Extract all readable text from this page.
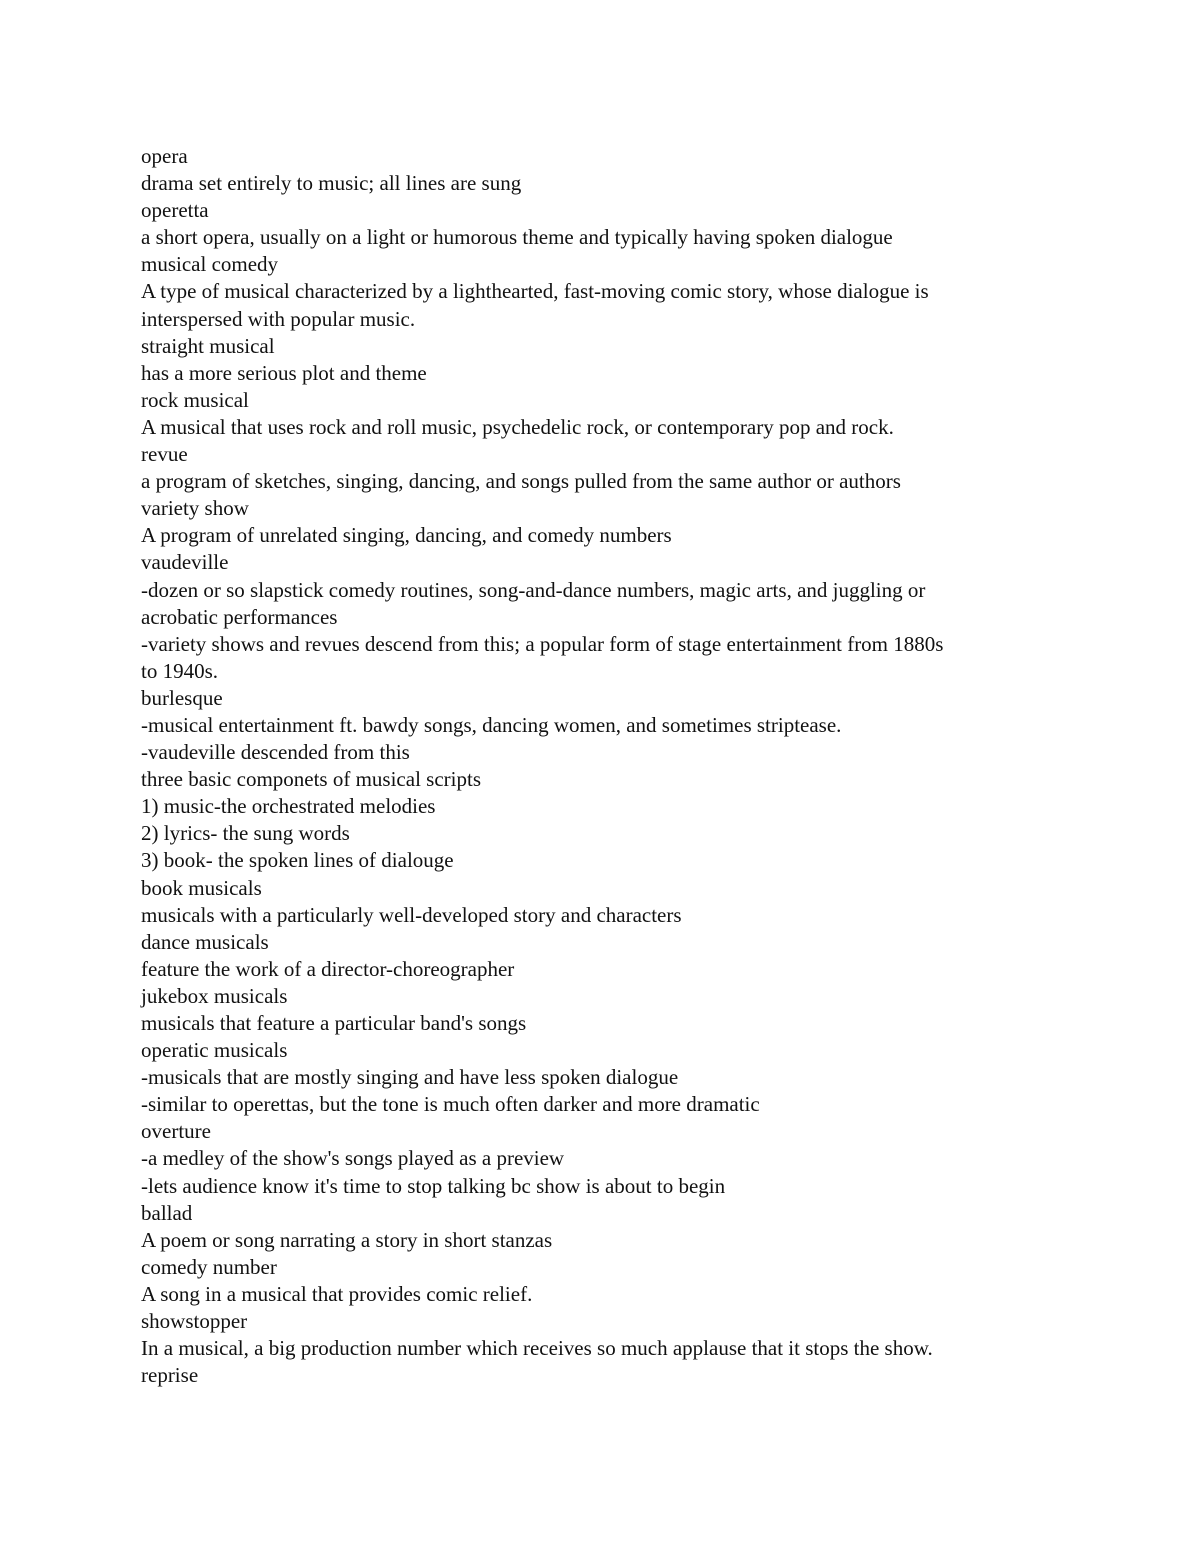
opera

drama set entirely to music; all lines are sung

operetta

a short opera, usually on a light or humorous theme and typically having spoken dialogue

musical comedy

A type of musical characterized by a lighthearted, fast-moving comic story, whose dialogue is

interspersed with popular music.

straight musical

has a more serious plot and theme

rock musical

A musical that uses rock and roll music, psychedelic rock, or contemporary pop and rock.

revue

a program of sketches, singing, dancing, and songs pulled from the same author or authors

variety show

A program of unrelated singing, dancing, and comedy numbers

vaudeville

-dozen or so slapstick comedy routines, song-and-dance numbers, magic arts, and juggling or

acrobatic performances

-variety shows and revues descend from this; a popular form of stage entertainment from 1880s

to 1940s.

burlesque

-musical entertainment ft. bawdy songs, dancing women, and sometimes striptease.

-vaudeville descended from this

three basic componets of musical scripts

1) music-the orchestrated melodies

2) lyrics- the sung words

3) book- the spoken lines of dialouge

book musicals

musicals with a particularly well-developed story and characters

dance musicals

feature the work of a director-choreographer

jukebox musicals

musicals that feature a particular band's songs

operatic musicals

-musicals that are mostly singing and have less spoken dialogue

-similar to operettas, but the tone is much often darker and more dramatic

overture

-a medley of the show's songs played as a preview

-lets audience know it's time to stop talking bc show is about to begin

ballad

A poem or song narrating a story in short stanzas

comedy number

A song in a musical that provides comic relief.

showstopper

In a musical, a big production number which receives so much applause that it stops the show.

reprise
